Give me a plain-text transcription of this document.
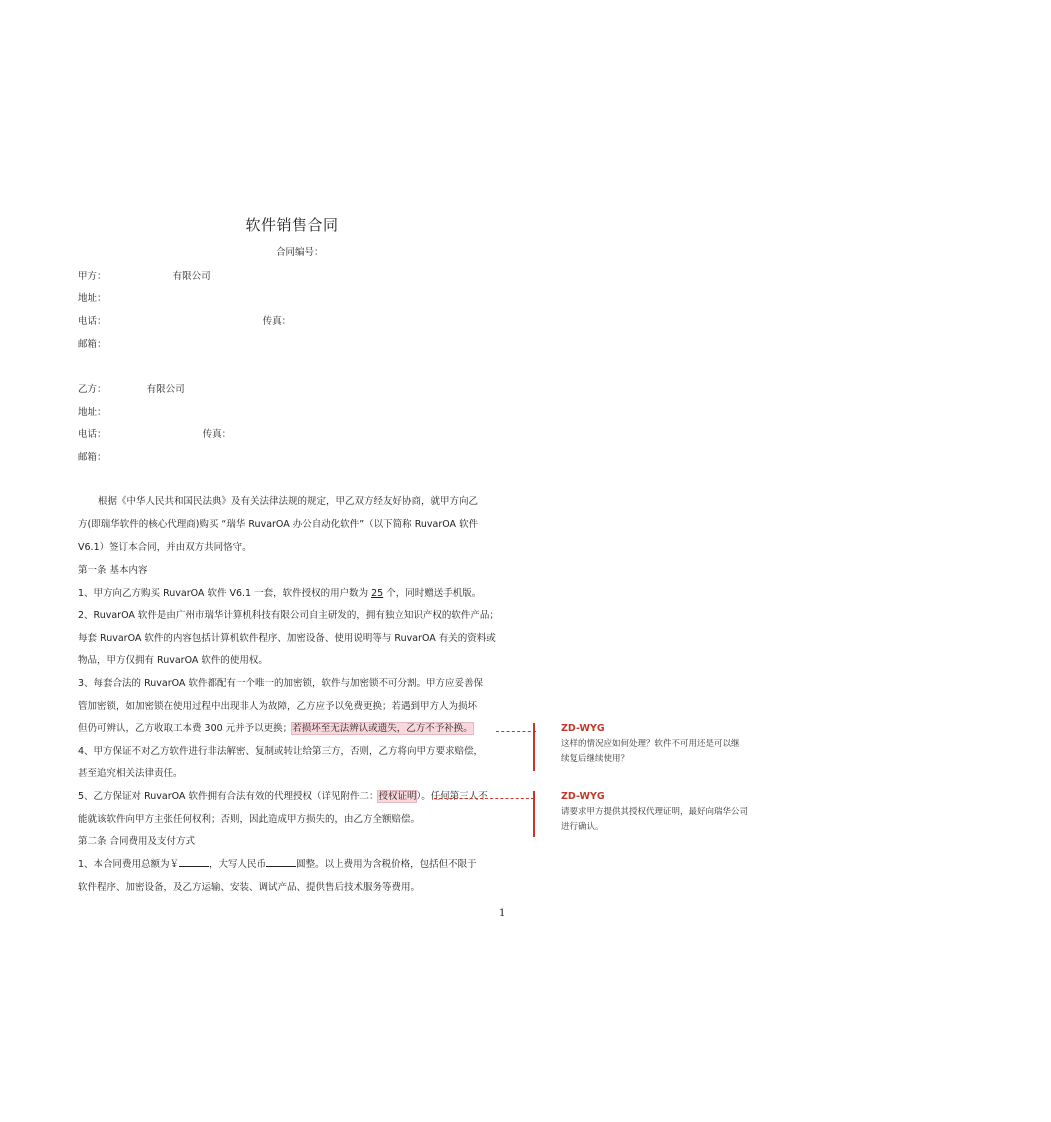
软件销售合同
合同编号：
甲方：	有限公司
地址：
电话：	传真：
邮箱：
乙方：	有限公司
地址：
电话：	传真：
邮箱：
根据《中华人民共和国民法典》及有关法律法规的规定，甲乙双方经友好协商，就甲方向乙
方(即瑞华软件的核心代理商)购买 “瑞华 RuvarOA 办公自动化软件”（以下简称 RuvarOA 软件
V6.1）签订本合同，并由双方共同恪守。
第一条 基本内容
1、甲方向乙方购买 RuvarOA 软件 V6.1 一套，软件授权的用户数为 25 个，同时赠送手机版。
2、RuvarOA 软件是由广州市瑞华计算机科技有限公司自主研发的，拥有独立知识产权的软件产品；
每套 RuvarOA 软件的内容包括计算机软件程序、加密设备、使用说明等与 RuvarOA 有关的资料或
物品，甲方仅拥有 RuvarOA 软件的使用权。
3、每套合法的 RuvarOA 软件都配有一个唯一的加密锁，软件与加密锁不可分割。甲方应妥善保
管加密锁，如加密锁在使用过程中出现非人为故障，乙方应予以免费更换；若遇到甲方人为损坏
但仍可辨认，乙方收取工本费 300 元并予以更换；若损坏至无法辨认或遗失，乙方不予补换。
4、甲方保证不对乙方软件进行非法解密、复制或转让给第三方，否则，乙方将向甲方要求赔偿，
甚至追究相关法律责任。
5、乙方保证对 RuvarOA 软件拥有合法有效的代理授权（详见附件二：授权证明）。任何第三人不
能就该软件向甲方主张任何权利；否则，因此造成甲方损失的，由乙方全额赔偿。
第二条 合同费用及支付方式
1、本合同费用总额为￥	，大写人民币	圆整。以上费用为含税价格，包括但不限于
软件程序、加密设备，及乙方运输、安装、调试产品、提供售后技术服务等费用。
1
ZD-WYG
这样的情况应如何处理？软件不可用还是可以继
续复后继续使用？
ZD-WYG
请要求甲方提供其授权代理证明，最好向瑞华公司
进行确认。
